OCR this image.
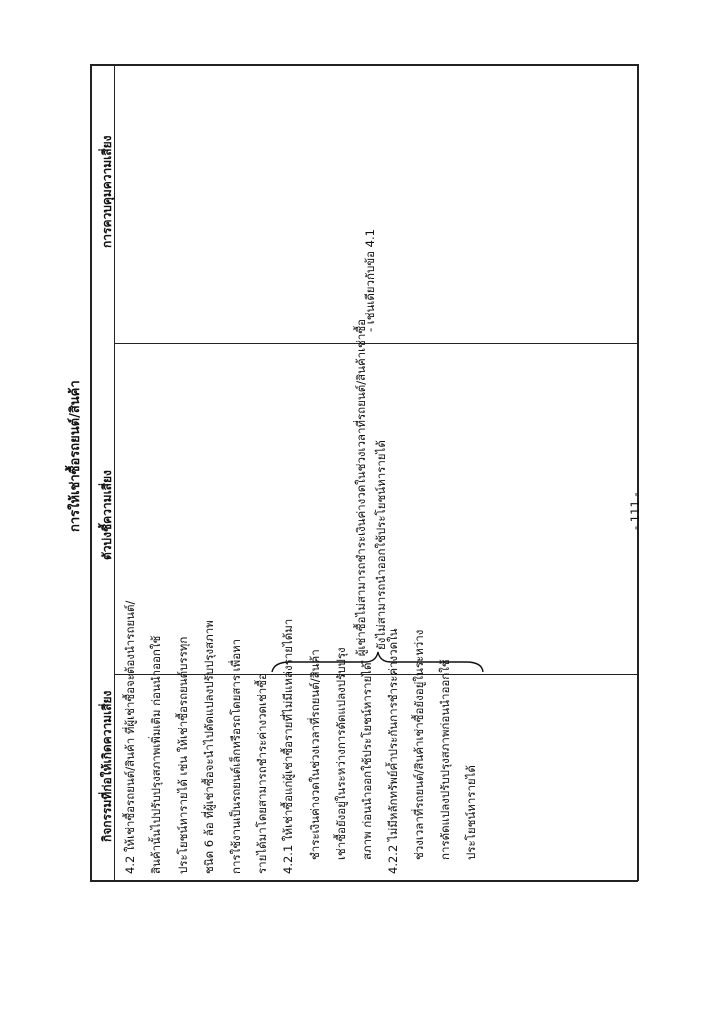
การให้เช่าซื้อรถยนต์/สินค้า
กิจกรรมที่ก่อให้เกิดความเสี่ยง
ตัวบ่งชี้ความเสี่ยง
การควบคุมความเสี่ยง
4.2 ให้เช่าซื้อรถยนต์/สินค้า ที่ผู้เช่าซื้อจะต้องนำรถยนต์/ สินค้านั้นไปปรับปรุงสภาพเพิ่มเติม ก่อนนำออกใช้ ประโยชน์หารายได้ เช่น ให้เช่าซื้อรถยนต์บรรทุก ชนิด 6 ล้อ ที่ผู้เช่าซื้อจะนำไปดัดแปลงปรับปรุงสภาพ การใช้งานเป็นรถยนต์เล็กหรือรถโดยสาร เพื่อหา รายได้มาโดยสามารถชำระค่างวดเช่าซื้อ 4.2.1 ให้เช่าซื้อแก่ผู้เช่าซื้อรายที่ไม่มีแหล่งรายได้มา ชำระเงินค่างวดในช่วงเวลาที่รถยนต์/สินค้า เช่าซื้อยังอยู่ในระหว่างการดัดแปลงปรับปรุง สภาพ ก่อนนำออกใช้ประโยชน์หารายได้ 4.2.2 ไม่มีหลักทรัพย์ค้ำประกันการชำระค่างวดใน ช่วงเวลาที่รถยนต์/สินค้าเช่าซื้อยังอยู่ในระหว่าง การดัดแปลงปรับปรุงสภาพก่อนนำออกใช้ ประโยชน์หารายได้
- ผู้เช่าซื้อไม่สามารถชำระเงินค่างวดในช่วงเวลาที่รถยนต์/สินค้าเช่าซื้อ ยังไม่สามารถนำออกใช้ประโยชน์หารายได้
- เช่นเดียวกับข้อ 4.1
- 111 -
